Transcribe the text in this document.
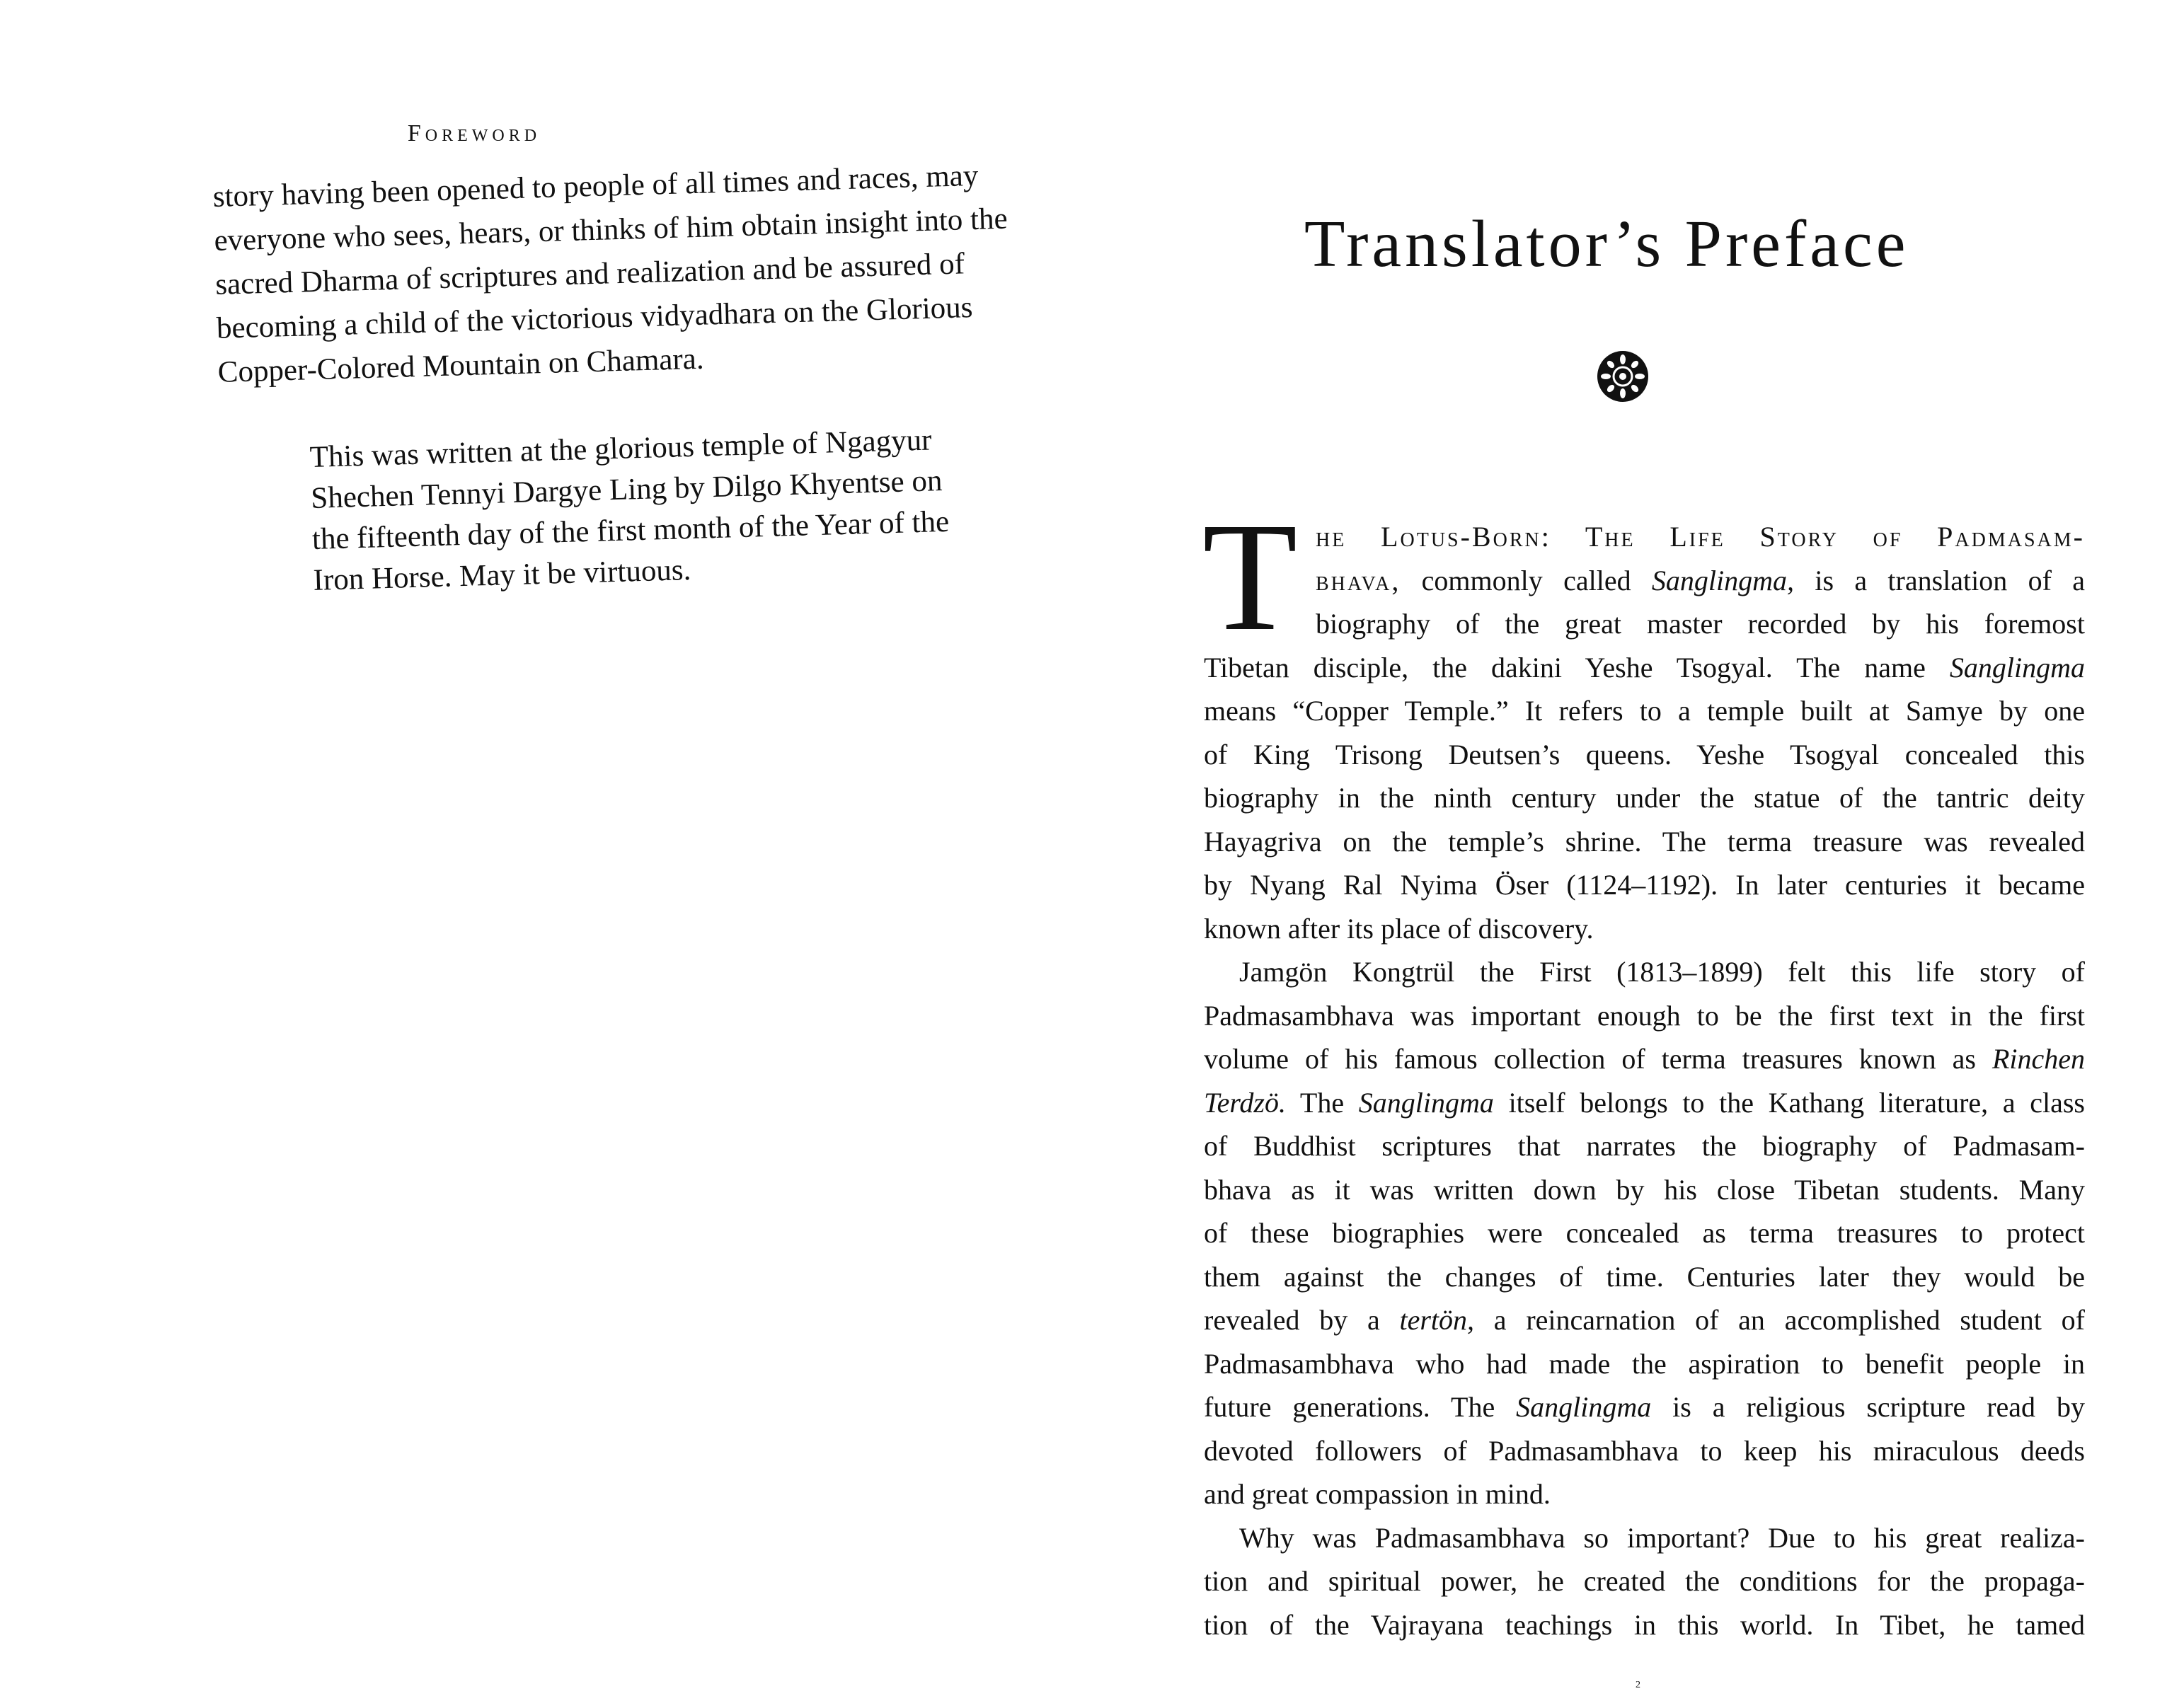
Foreword
story having been opened to people of all times and races, may
everyone who sees, hears, or thinks of him obtain insight into the
sacred Dharma of scriptures and realization and be assured of
becoming a child of the victorious vidyadhara on the Glorious
Copper-Colored Mountain on Chamara.
This was written at the glorious temple of Ngagyur
Shechen Tennyi Dargye Ling by Dilgo Khyentse on
the fifteenth day of the first month of the Year of the
Iron Horse. May it be virtuous.
Translator’s Preface
T he Lotus-Born: The Life Story of Padmasam-
bhava, commonly called Sanglingma, is a translation of a
biography of the great master recorded by his foremost
Tibetan disciple, the dakini Yeshe Tsogyal. The name Sanglingma
means “Copper Temple.” It refers to a temple built at Samye by one
of King Trisong Deutsen’s queens. Yeshe Tsogyal concealed this
biography in the ninth century under the statue of the tantric deity
Hayagriva on the temple’s shrine. The terma treasure was revealed
by Nyang Ral Nyima Öser (1124–1192). In later centuries it became
known after its place of discovery.
Jamgön Kongtrül the First (1813–1899) felt this life story of
Padmasambhava was important enough to be the first text in the first
volume of his famous collection of terma treasures known as Rinchen
Terdzö. The Sanglingma itself belongs to the Kathang literature, a class
of Buddhist scriptures that narrates the biography of Padmasam-
bhava as it was written down by his close Tibetan students. Many
of these biographies were concealed as terma treasures to protect
them against the changes of time. Centuries later they would be
revealed by a tertön, a reincarnation of an accomplished student of
Padmasambhava who had made the aspiration to benefit people in
future generations. The Sanglingma is a religious scripture read by
devoted followers of Padmasambhava to keep his miraculous deeds
and great compassion in mind.
Why was Padmasambhava so important? Due to his great realiza-
tion and spiritual power, he created the conditions for the propaga-
tion of the Vajrayana teachings in this world. In Tibet, he tamed
2
